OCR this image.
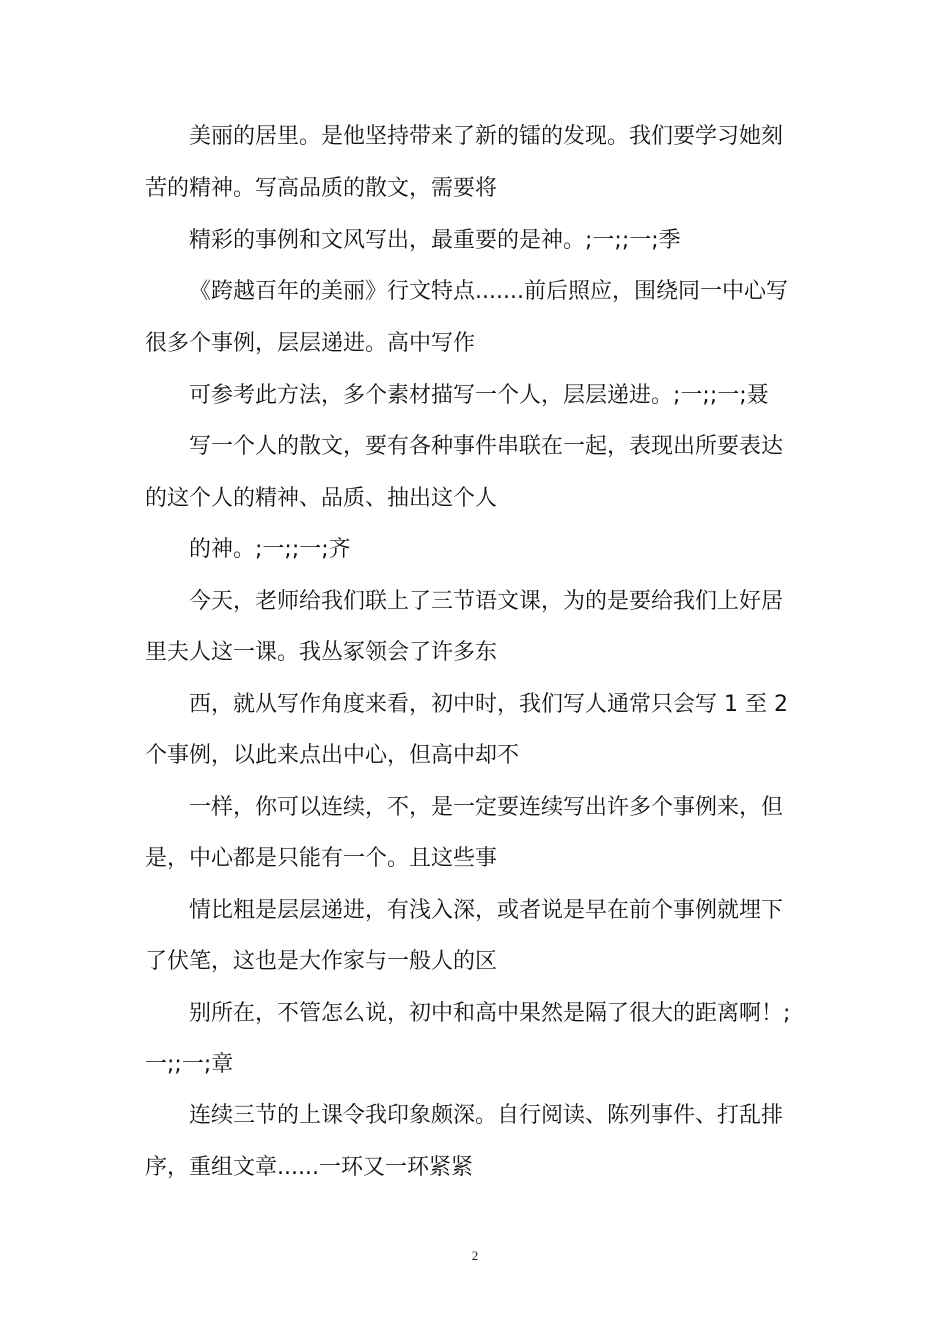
美丽的居里。是他坚持带来了新的镭的发现。我们要学习她刻
苦的精神。写高品质的散文，需要将
精彩的事例和文风写出，最重要的是神。;一;;一;季
《跨越百年的美丽》行文特点.......前后照应，围绕同一中心写
很多个事例，层层递进。高中写作
可参考此方法，多个素材描写一个人，层层递进。;一;;一;聂
写一个人的散文，要有各种事件串联在一起，表现出所要表达
的这个人的精神、品质、抽出这个人
的神。;一;;一;齐
今天，老师给我们联上了三节语文课，为的是要给我们上好居
里夫人这一课。我丛冢领会了许多东
西，就从写作角度来看，初中时，我们写人通常只会写 1 至 2
个事例，以此来点出中心，但高中却不
一样，你可以连续，不，是一定要连续写出许多个事例来，但
是，中心都是只能有一个。且这些事
情比粗是层层递进，有浅入深，或者说是早在前个事例就埋下
了伏笔，这也是大作家与一般人的区
别所在，不管怎么说，初中和高中果然是隔了很大的距离啊！;
一;;一;章
连续三节的上课令我印象颇深。自行阅读、陈列事件、打乱排
序，重组文章......一环又一环紧紧
2
